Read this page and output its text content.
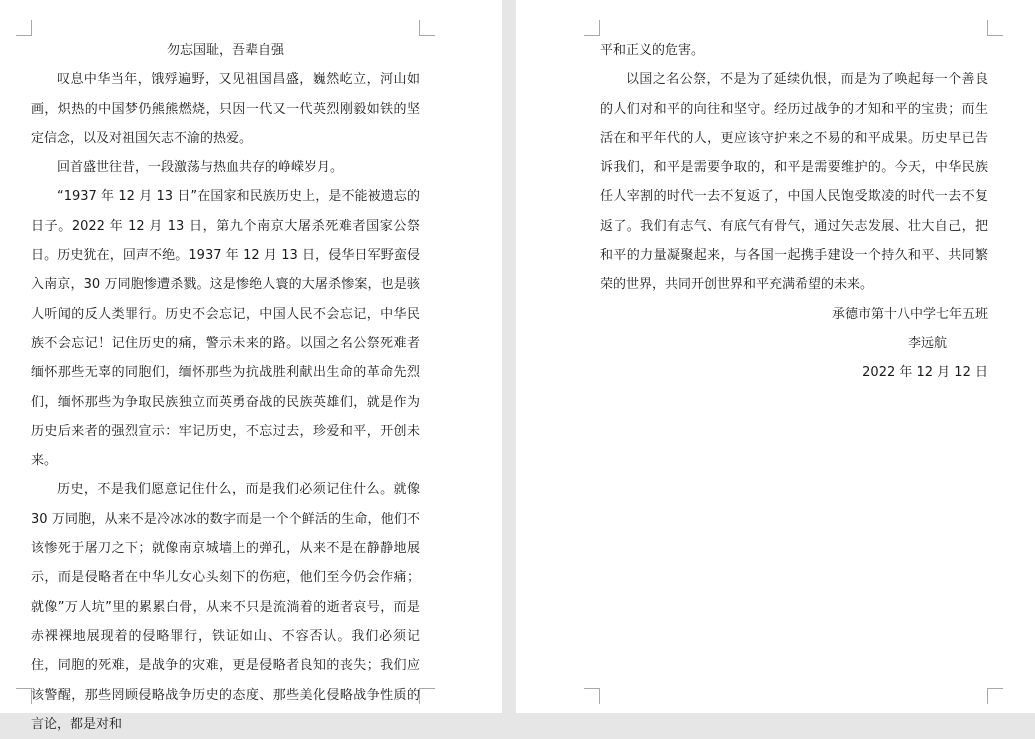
勿忘国耻，吾辈自强

叹息中华当年，饿殍遍野，又见祖国昌盛，巍然屹立，河山如画，炽热的中国梦仍熊熊燃烧，只因一代又一代英烈刚毅如铁的坚定信念，以及对祖国矢志不渝的热爱。

回首盛世往昔，一段激荡与热血共存的峥嵘岁月。

“1937 年 12 月 13 日”在国家和民族历史上，是不能被遗忘的日子。2022 年 12 月 13 日，第九个南京大屠杀死难者国家公祭日。历史犹在，回声不绝。1937 年 12 月 13 日，侵华日军野蛮侵入南京，30 万同胞惨遭杀戮。这是惨绝人寰的大屠杀惨案，也是骇人听闻的反人类罪行。历史不会忘记，中国人民不会忘记，中华民族不会忘记！记住历史的痛，警示未来的路。以国之名公祭死难者缅怀那些无辜的同胞们，缅怀那些为抗战胜利献出生命的革命先烈们，缅怀那些为争取民族独立而英勇奋战的民族英雄们，就是作为历史后来者的强烈宣示：牢记历史，不忘过去，珍爱和平，开创未来。

历史，不是我们愿意记住什么，而是我们必须记住什么。就像30 万同胞，从来不是冷冰冰的数字而是一个个鲜活的生命，他们不该惨死于屠刀之下；就像南京城墙上的弹孔，从来不是在静静地展示，而是侵略者在中华儿女心头刻下的伤疤，他们至今仍会作痛；就像”万人坑”里的累累白骨，从来不只是流淌着的逝者哀号，而是赤裸裸地展现着的侵略罪行，铁证如山、不容否认。我们必须记住，同胞的死难，是战争的灾难，更是侵略者良知的丧失；我们应该警醒，那些罔顾侵略战争历史的态度、那些美化侵略战争性质的言论，都是对和

平和正义的危害。

以国之名公祭，不是为了延续仇恨，而是为了唤起每一个善良的人们对和平的向往和坚守。经历过战争的才知和平的宝贵；而生活在和平年代的人，更应该守护来之不易的和平成果。历史早已告诉我们，和平是需要争取的，和平是需要维护的。今天，中华民族任人宰割的时代一去不复返了，中国人民饱受欺凌的时代一去不复返了。我们有志气、有底气有骨气，通过矢志发展、壮大自己，把和平的力量凝聚起来，与各国一起携手建设一个持久和平、共同繁荣的世界，共同开创世界和平充满希望的未来。

承德市第十八中学七年五班

李远航

2022 年 12 月 12 日
